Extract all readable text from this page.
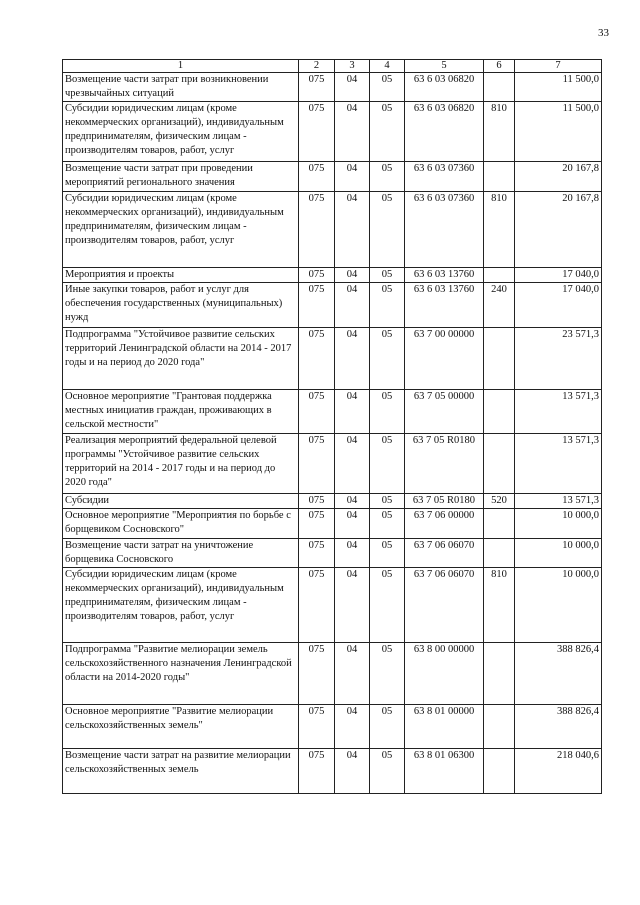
33
1	2	3	4	5	6	7
Возмещение части затрат при возникновении чрезвычайных ситуаций	075	04	05	63 6 03 06820		11 500,0
Субсидии юридическим лицам (кроме некоммерческих организаций), индивидуальным предпринимателям, физическим лицам - производителям товаров, работ, услуг	075	04	05	63 6 03 06820	810	11 500,0
Возмещение части затрат при проведении мероприятий регионального значения	075	04	05	63 6 03 07360		20 167,8
Субсидии юридическим лицам (кроме некоммерческих организаций), индивидуальным предпринимателям, физическим лицам - производителям товаров, работ, услуг	075	04	05	63 6 03 07360	810	20 167,8
Мероприятия и проекты	075	04	05	63 6 03 13760		17 040,0
Иные закупки товаров, работ и услуг для обеспечения государственных (муниципальных) нужд	075	04	05	63 6 03 13760	240	17 040,0
Подпрограмма "Устойчивое развитие сельских территорий Ленинградской области на 2014 - 2017 годы и на период до 2020 года"	075	04	05	63 7 00 00000		23 571,3
Основное мероприятие "Грантовая поддержка местных инициатив граждан, проживающих в сельской местности"	075	04	05	63 7 05 00000		13 571,3
Реализация мероприятий федеральной целевой программы "Устойчивое развитие сельских территорий на 2014 - 2017 годы и на период до 2020 года"	075	04	05	63 7 05 R0180		13 571,3
Субсидии	075	04	05	63 7 05 R0180	520	13 571,3
Основное мероприятие "Мероприятия по борьбе с борщевиком Сосновского"	075	04	05	63 7 06 00000		10 000,0
Возмещение части затрат на уничтожение борщевика Сосновского	075	04	05	63 7 06 06070		10 000,0
Субсидии юридическим лицам (кроме некоммерческих организаций), индивидуальным предпринимателям, физическим лицам - производителям товаров, работ, услуг	075	04	05	63 7 06 06070	810	10 000,0
Подпрограмма "Развитие мелиорации земель сельскохозяйственного назначения Ленинградской области на 2014-2020 годы"	075	04	05	63 8 00 00000		388 826,4
Основное мероприятие "Развитие мелиорации сельскохозяйственных земель"	075	04	05	63 8 01 00000		388 826,4
Возмещение части затрат на развитие мелиорации сельскохозяйственных земель	075	04	05	63 8 01 06300		218 040,6
